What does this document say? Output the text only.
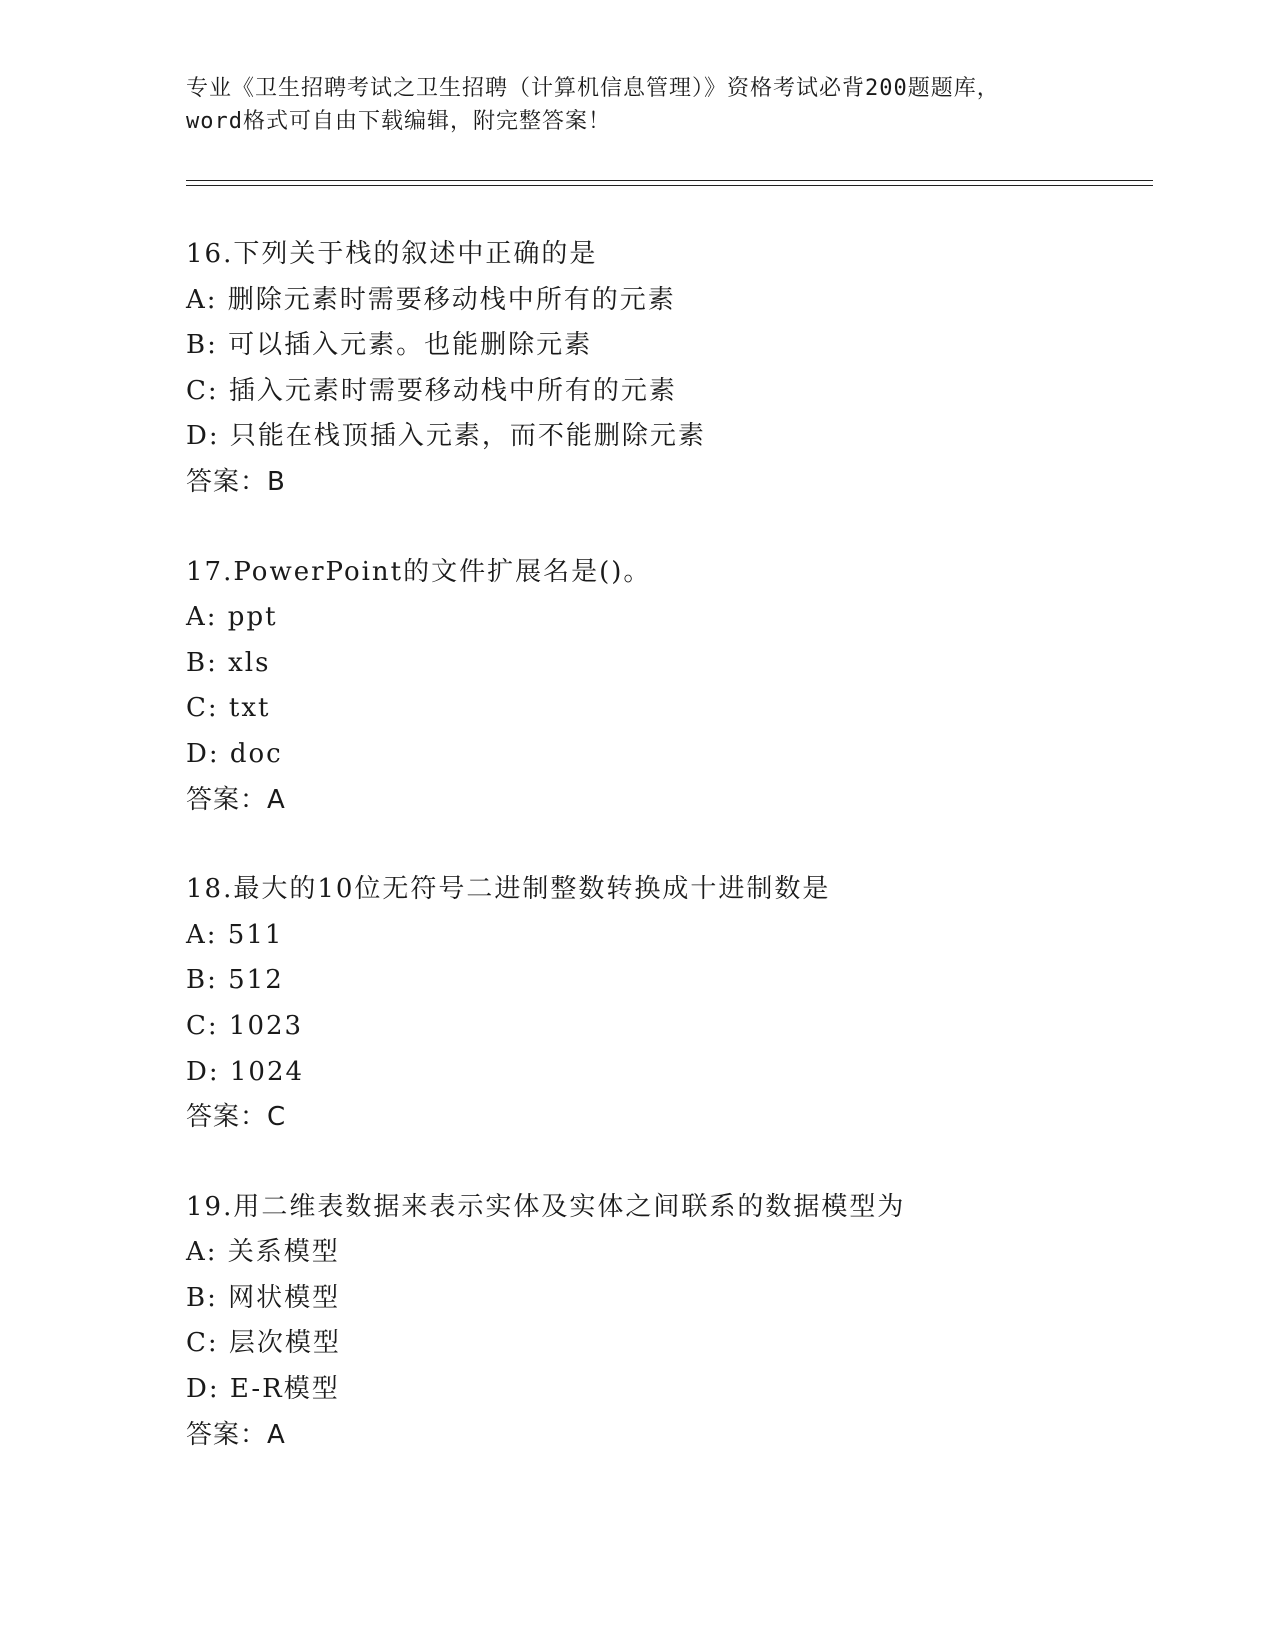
专业《卫生招聘考试之卫生招聘（计算机信息管理）》资格考试必背200题题库，
word格式可自由下载编辑，附完整答案！
16.下列关于栈的叙述中正确的是
A: 删除元素时需要移动栈中所有的元素
B: 可以插入元素。也能删除元素
C: 插入元素时需要移动栈中所有的元素
D: 只能在栈顶插入元素，而不能删除元素
答案：B
17.PowerPoint的文件扩展名是()。
A: ppt
B: xls
C: txt
D: doc
答案：A
18.最大的10位无符号二进制整数转换成十进制数是
A: 511
B: 512
C: 1023
D: 1024
答案：C
19.用二维表数据来表示实体及实体之间联系的数据模型为
A: 关系模型
B: 网状模型
C: 层次模型
D: E-R模型
答案：A
